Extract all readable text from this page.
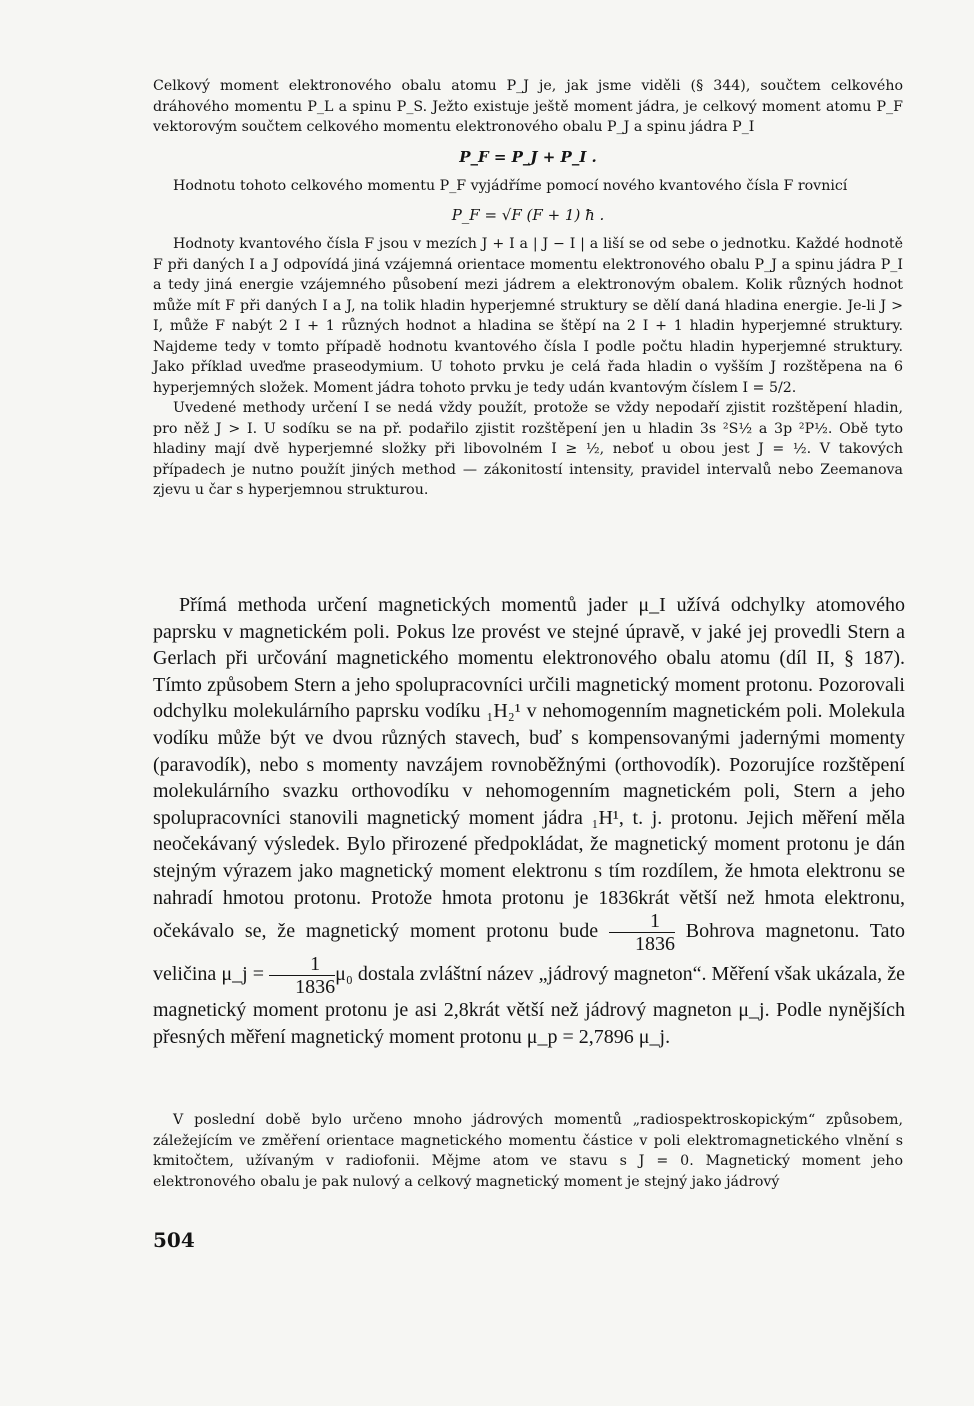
Celkový moment elektronového obalu atomu P_J je, jak jsme viděli (§ 344), součtem celkového dráhového momentu P_L a spinu P_S. Ježto existuje ještě moment jádra, je celkový moment atomu P_F vektorovým součtem celkového momentu elektronového obalu P_J a spinu jádra P_I

P_F = P_J + P_I .

Hodnotu tohoto celkového momentu P_F vyjádříme pomocí nového kvantového čísla F rovnicí

P_F = √F (F + 1) ħ .

Hodnoty kvantového čísla F jsou v mezích J + I a | J − I | a liší se od sebe o jednotku. Každé hodnotě F při daných I a J odpovídá jiná vzájemná orientace momentu elektronového obalu P_J a spinu jádra P_I a tedy jiná energie vzájemného působení mezi jádrem a elektronovým obalem. Kolik různých hodnot může mít F při daných I a J, na tolik hladin hyperjemné struktury se dělí daná hladina energie. Je-li J > I, může F nabýt 2 I + 1 různých hodnot a hladina se štěpí na 2 I + 1 hladin hyperjemné struktury. Najdeme tedy v tomto případě hodnotu kvantového čísla I podle počtu hladin hyperjemné struktury. Jako příklad uveďme praseodymium. U tohoto prvku je celá řada hladin o vyšším J rozštěpena na 6 hyperjemných složek. Moment jádra tohoto prvku je tedy udán kvantovým číslem I = 5/2.

Uvedené methody určení I se nedá vždy použít, protože se vždy nepodaří zjistit rozštěpení hladin, pro něž J > I. U sodíku se na př. podařilo zjistit rozštěpení jen u hladin 3s ²S½ a 3p ²P½. Obě tyto hladiny mají dvě hyperjemné složky při libovolném I ≥ ½, neboť u obou jest J = ½. V takových případech je nutno použít jiných method — zákonitostí intensity, pravidel intervalů nebo Zeemanova zjevu u čar s hyperjemnou strukturou.

Přímá methoda určení magnetických momentů jader μ_I užívá odchylky atomového paprsku v magnetickém poli. Pokus lze provést ve stejné úpravě, v jaké jej provedli Stern a Gerlach při určování magnetického momentu elektronového obalu atomu (díl II, § 187). Tímto způsobem Stern a jeho spolupracovníci určili magnetický moment protonu. Pozorovali odchylku molekulárního paprsku vodíku ₁H₂¹ v nehomogenním magnetickém poli. Molekula vodíku může být ve dvou různých stavech, buď s kompensovanými jadernými momenty (paravodík), nebo s momenty navzájem rovnoběžnými (orthovodík). Pozorujíce rozštěpení molekulárního svazku orthovodíku v nehomogenním magnetickém poli, Stern a jeho spolupracovníci stanovili magnetický moment jádra ₁H¹, t. j. protonu. Jejich měření měla neočekávaný výsledek. Bylo přirozené předpokládat, že magnetický moment protonu je dán stejným výrazem jako magnetický moment elektronu s tím rozdílem, že hmota elektronu se nahradí hmotou protonu. Protože hmota protonu je 1836krát větší než hmota elektronu, očekávalo se, že magnetický moment protonu bude $\frac{1}{1836}$ Bohrova magnetonu. Tato veličina μ_j = $\frac{1}{1836} \mu_0$ dostala zvláštní název „jádrový magneton“. Měření však ukázala, že magnetický moment protonu je asi 2,8krát větší než jádrový magneton μ_j. Podle nynějších přesných měření magnetický moment protonu μ_p = 2,7896 μ_j.

V poslední době bylo určeno mnoho jádrových momentů „radiospektroskopickým“ způsobem, záležejícím ve změření orientace magnetického momentu částice v poli elektromagnetického vlnění s kmitočtem, užívaným v radiofonii. Mějme atom ve stavu s J = 0. Magnetický moment jeho elektronového obalu je pak nulový a celkový magnetický moment je stejný jako jádrový

504
